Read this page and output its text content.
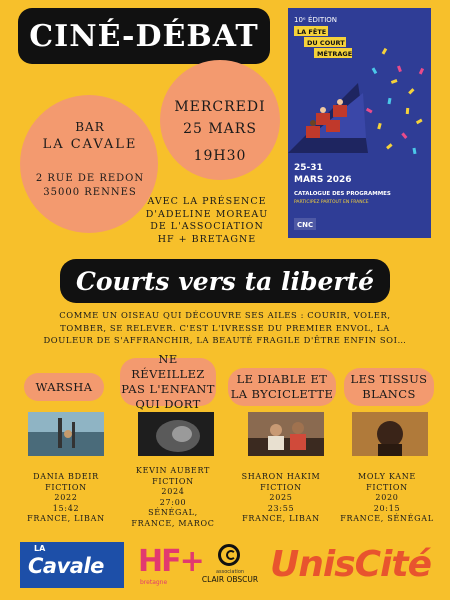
CINÉ-DÉBAT
BAR
LA CAVALE
2 RUE DE REDON
35000 RENNES
MERCREDI
25 MARS
19H30
AVEC LA PRÉSENCE
D'ADELINE MOREAU
DE L'ASSOCIATION
HF + BRETAGNE
10ᵉ ÉDITION
LA FÊTE
DU COURT
MÉTRAGE
25-31
MARS 2026
CATALOGUE DES PROGRAMMES
PARTICIPEZ PARTOUT EN FRANCE
CNC
Courts vers ta liberté
COMME UN OISEAU QUI DÉCOUVRE SES AILES : COURIR, VOLER,
TOMBER, SE RELEVER. C'EST L'IVRESSE DU PREMIER ENVOL, LA
DOULEUR DE S'AFFRANCHIR, LA BEAUTÉ FRAGILE D'ÊTRE ENFIN SOI…
WARSHA
NE RÉVEILLEZ
PAS L'ENFANT
QUI DORT
LE DIABLE ET
LA BYCICLETTE
LES TISSUS
BLANCS
DANIA BDEIR
FICTION
2022
15:42
FRANCE, LIBAN
KEVIN AUBERT
FICTION
2024
27:00
SÉNÉGAL,
FRANCE, MAROC
SHARON HAKIM
FICTION
2025
23:55
FRANCE, LIBAN
MOLY KANE
FICTION
2020
20:15
FRANCE, SÉNÉGAL
LA
Cavale HF+
bretagne
association
CLAIR OBSCUR UnisCité
